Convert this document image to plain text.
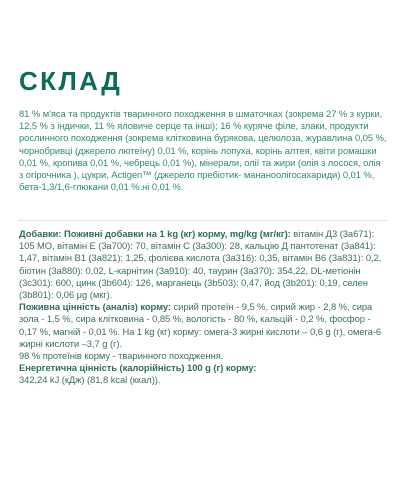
СКЛАД

81 % м'яса та продуктів тваринного походження в шматочках (зокрема 27 % з курки, 12,5 % з індички, 11 % яловиче серце та інші); 16 % куряче філе, злаки, продукти рослинного походження (зокрема клітковина бурякова, целюлоза, журавлина 0,05 %, чорнобривці (джерело лютеїну) 0,01 %, корінь лопуха, корінь алтея, квіти ромашки 0,01 %, кропива 0,01 %, чебрець 0,01 %), мінерали, олії та жири (олія з лосося, олія з огірочника ), цукри, Actigen™ (джерело пребіотик- мананоолігосахариди) 0,01 %, бета-1,3/1,6-глюкани 0,01 %.ні 0,01 %.

Добавки: Поживні добавки на 1 kg (кг) корму, mg/kg (мг/кг): вітамін Д3 (3а671): 105 МО, вітамін Е (3а700): 70, вітамін С (3а300): 28, кальцію Д пантотенат (3а841): 1,47, вітамін В1 (3а821): 1,25, фолієва кислота (3а316): 0,35, вітамін В6 (3а831): 0,2, біотин (3а880): 0,02, L-карнітин (3а910): 40, таурин (3а370): 354,22, DL-метіонін (3с301): 600, цинк (3b604): 126, марганець (3b503): 0,47, йод (3b201): 0,19, селен (3b801): 0,06 μg (мкг).

Поживна цінність (аналіз) корму: сирий протеїн - 9,5 %, сирий жир - 2,8 %, сира зола - 1,5 %, сира клітковина - 0,85 %, вологість - 80 %, кальцій - 0,2 %, фосфор - 0,17 %, магній - 0,01 %. На 1 kg (кг) корму: омега-3 жирні кислоти – 0,6 g (г), омега-6 жирні кислоти –3,7 g (г).

98 % протеїнів корму - тваринного походження.

Енергетична цінність (калорійність) 100 g (г) корму:

342,24 kJ (кДж) (81,8 kcal (ккал)).
